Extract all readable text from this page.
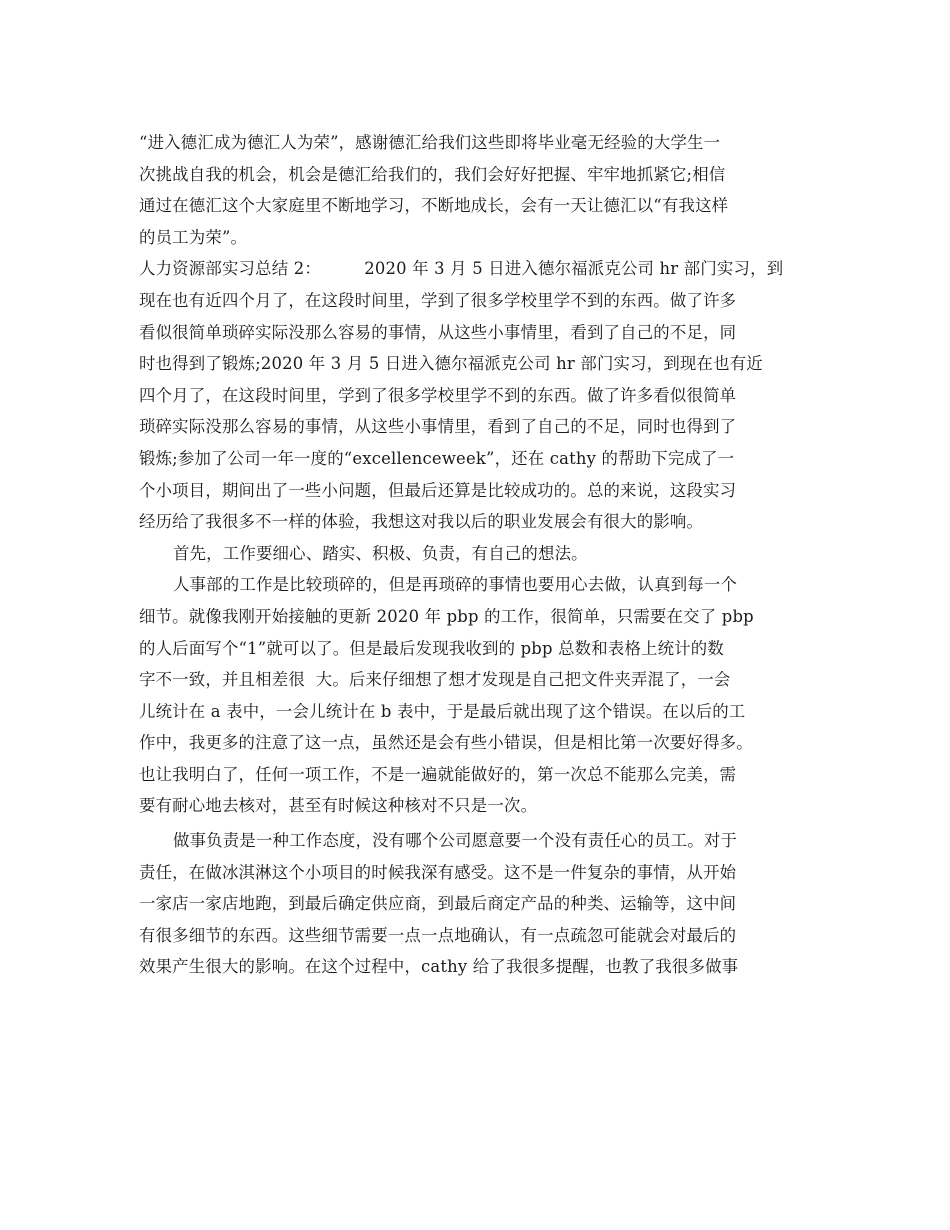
“进入德汇成为德汇人为荣”，感谢德汇给我们这些即将毕业毫无经验的大学生一
次挑战自我的机会，机会是德汇给我们的，我们会好好把握、牢牢地抓紧它;相信
通过在德汇这个大家庭里不断地学习，不断地成长，会有一天让德汇以“有我这样
的员工为荣”。
人力资源部实习总结 2：        2020 年 3 月 5 日进入德尔福派克公司 hr 部门实习，到
现在也有近四个月了，在这段时间里，学到了很多学校里学不到的东西。做了许多
看似很简单琐碎实际没那么容易的事情，从这些小事情里，看到了自己的不足，同
时也得到了锻炼;2020 年 3 月 5 日进入德尔福派克公司 hr 部门实习，到现在也有近
四个月了，在这段时间里，学到了很多学校里学不到的东西。做了许多看似很简单
琐碎实际没那么容易的事情，从这些小事情里，看到了自己的不足，同时也得到了
锻炼;参加了公司一年一度的“excellenceweek”，还在 cathy 的帮助下完成了一
个小项目，期间出了一些小问题，但最后还算是比较成功的。总的来说，这段实习
经历给了我很多不一样的体验，我想这对我以后的职业发展会有很大的影响。
首先，工作要细心、踏实、积极、负责，有自己的想法。
人事部的工作是比较琐碎的，但是再琐碎的事情也要用心去做，认真到每一个
细节。就像我刚开始接触的更新 2020 年 pbp 的工作，很简单，只需要在交了 pbp
的人后面写个“1”就可以了。但是最后发现我收到的 pbp 总数和表格上统计的数
字不一致，并且相差很  大。后来仔细想了想才发现是自己把文件夹弄混了，一会
儿统计在 a 表中，一会儿统计在 b 表中，于是最后就出现了这个错误。在以后的工
作中，我更多的注意了这一点，虽然还是会有些小错误，但是相比第一次要好得多。
也让我明白了，任何一项工作，不是一遍就能做好的，第一次总不能那么完美，需
要有耐心地去核对，甚至有时候这种核对不只是一次。
做事负责是一种工作态度，没有哪个公司愿意要一个没有责任心的员工。对于
责任，在做冰淇淋这个小项目的时候我深有感受。这不是一件复杂的事情，从开始
一家店一家店地跑，到最后确定供应商，到最后商定产品的种类、运输等，这中间
有很多细节的东西。这些细节需要一点一点地确认，有一点疏忽可能就会对最后的
效果产生很大的影响。在这个过程中，cathy 给了我很多提醒，也教了我很多做事
